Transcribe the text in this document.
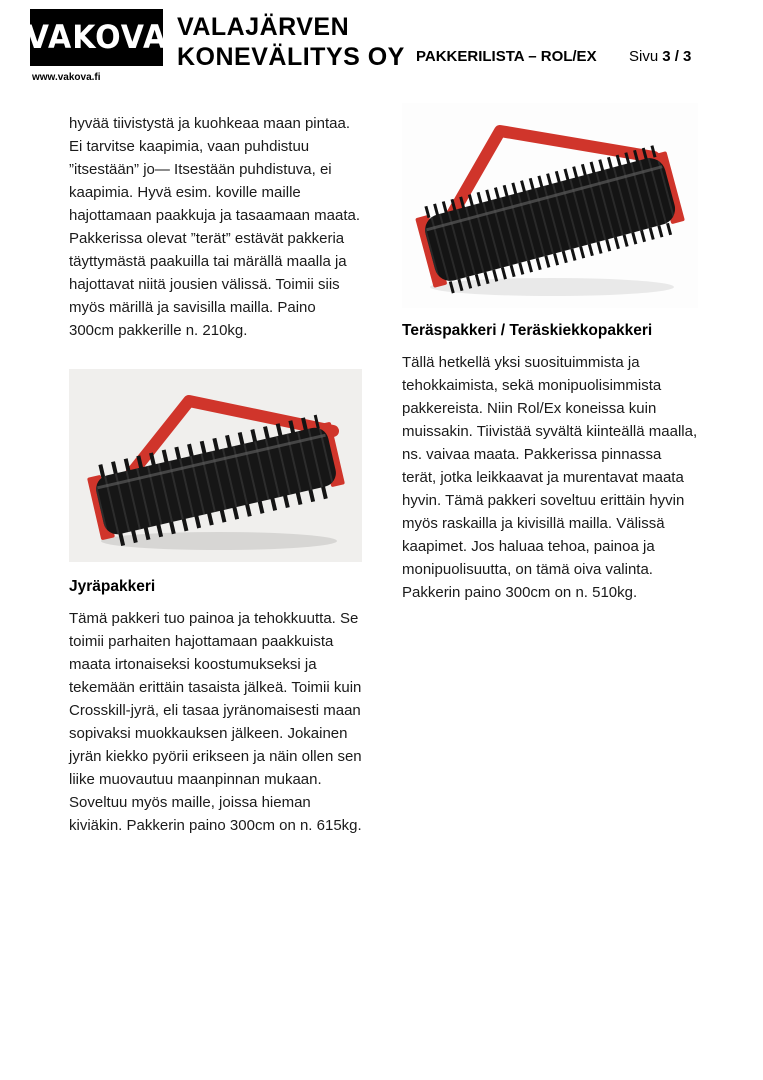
VAKOVA
www.vakova.fi
VALAJÄRVEN
KONEVÄLITYS OY PAKKERILISTA – ROL/EX Sivu 3 / 3

hyvää tiivistystä ja kuohkeaa maan pintaa. Ei tarvitse kaapimia, vaan puhdistuu ”itsestään” jo— Itsestään puhdistuva, ei kaapimia. Hyvä esim. koville maille hajottamaan paakkuja ja tasaamaan maata. Pakkerissa olevat ”terät” estävät pakkeria täyttymästä paakuilla tai märällä maalla ja hajottavat niitä jousien välissä. Toimii siis myös märillä ja savisilla mailla. Paino 300cm pakkerille n. 210kg.

Jyräpakkeri

Tämä pakkeri tuo painoa ja tehokkuutta. Se toimii parhaiten hajottamaan paakkuista maata irtonaiseksi koostumukseksi ja tekemään erittäin tasaista jälkeä. Toimii kuin Crosskill-jyrä, eli tasaa jyränomaisesti maan sopivaksi muokkauksen jälkeen. Jokainen jyrän kiekko pyörii erikseen ja näin ollen sen liike muovautuu maanpinnan mukaan. Soveltuu myös maille, joissa hieman kiviäkin. Pakkerin paino 300cm on n. 615kg.

Teräspakkeri / Teräskiekkopakkeri

Tällä hetkellä yksi suosituimmista ja tehokkaimista, sekä monipuolisimmista pakkereista. Niin Rol/Ex koneissa kuin muissakin. Tiivistää syvältä kiinteällä maalla, ns. vaivaa maata. Pakkerissa pinnassa terät, jotka leikkaavat ja murentavat maata hyvin. Tämä pakkeri soveltuu erittäin hyvin myös raskailla ja kivisillä mailla. Välissä kaapimet. Jos haluaa tehoa, painoa ja monipuolisuutta, on tämä oiva valinta. Pakkerin paino 300cm on n. 510kg.
